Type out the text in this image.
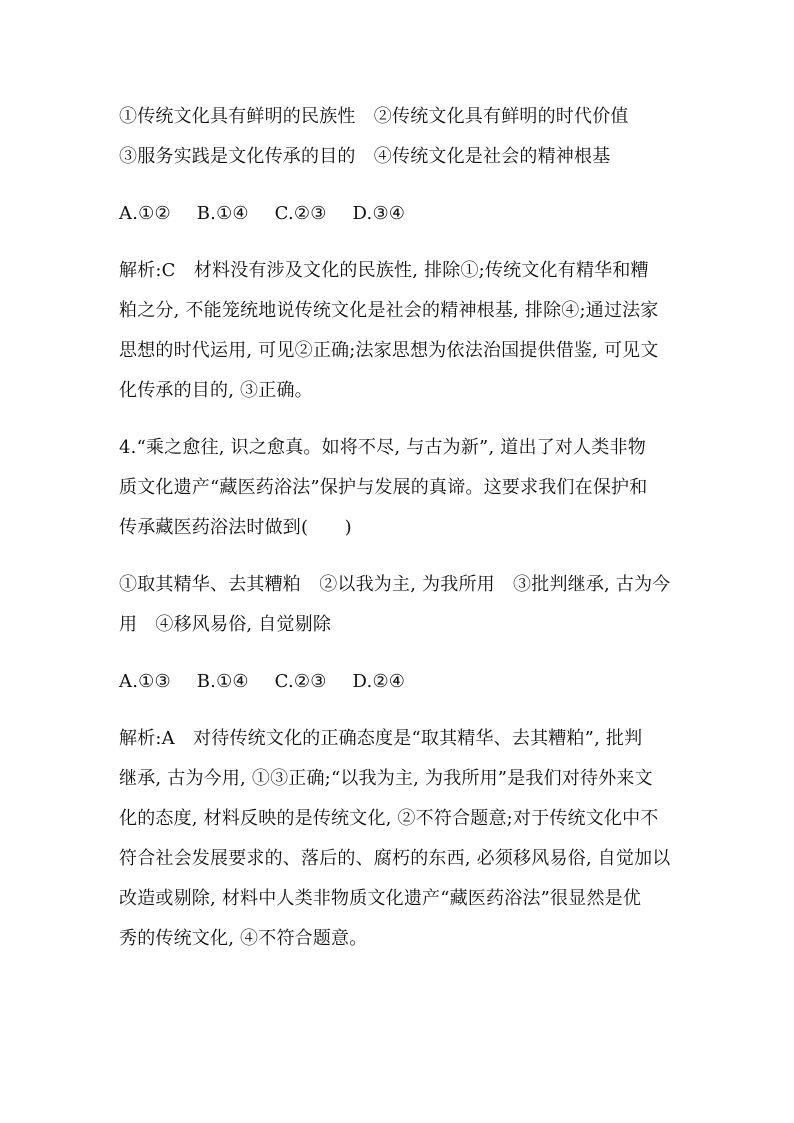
①传统文化具有鲜明的民族性　②传统文化具有鲜明的时代价值
③服务实践是文化传承的目的　④传统文化是社会的精神根基
A.①② B.①④ C.②③ D.③④
解析:C　材料没有涉及文化的民族性, 排除①;传统文化有精华和糟
粕之分, 不能笼统地说传统文化是社会的精神根基, 排除④;通过法家
思想的时代运用, 可见②正确;法家思想为依法治国提供借鉴, 可见文
化传承的目的, ③正确。
4.“乘之愈往, 识之愈真。如将不尽, 与古为新”, 道出了对人类非物
质文化遗产“藏医药浴法”保护与发展的真谛。这要求我们在保护和
传承藏医药浴法时做到(　　)
①取其精华、去其糟粕　②以我为主, 为我所用　③批判继承, 古为今
用　④移风易俗, 自觉剔除
A.①③ B.①④ C.②③ D.②④
解析:A　对待传统文化的正确态度是“取其精华、去其糟粕”, 批判
继承, 古为今用, ①③正确;“以我为主, 为我所用”是我们对待外来文
化的态度, 材料反映的是传统文化, ②不符合题意;对于传统文化中不
符合社会发展要求的、落后的、腐朽的东西, 必须移风易俗, 自觉加以
改造或剔除, 材料中人类非物质文化遗产“藏医药浴法”很显然是优
秀的传统文化, ④不符合题意。
